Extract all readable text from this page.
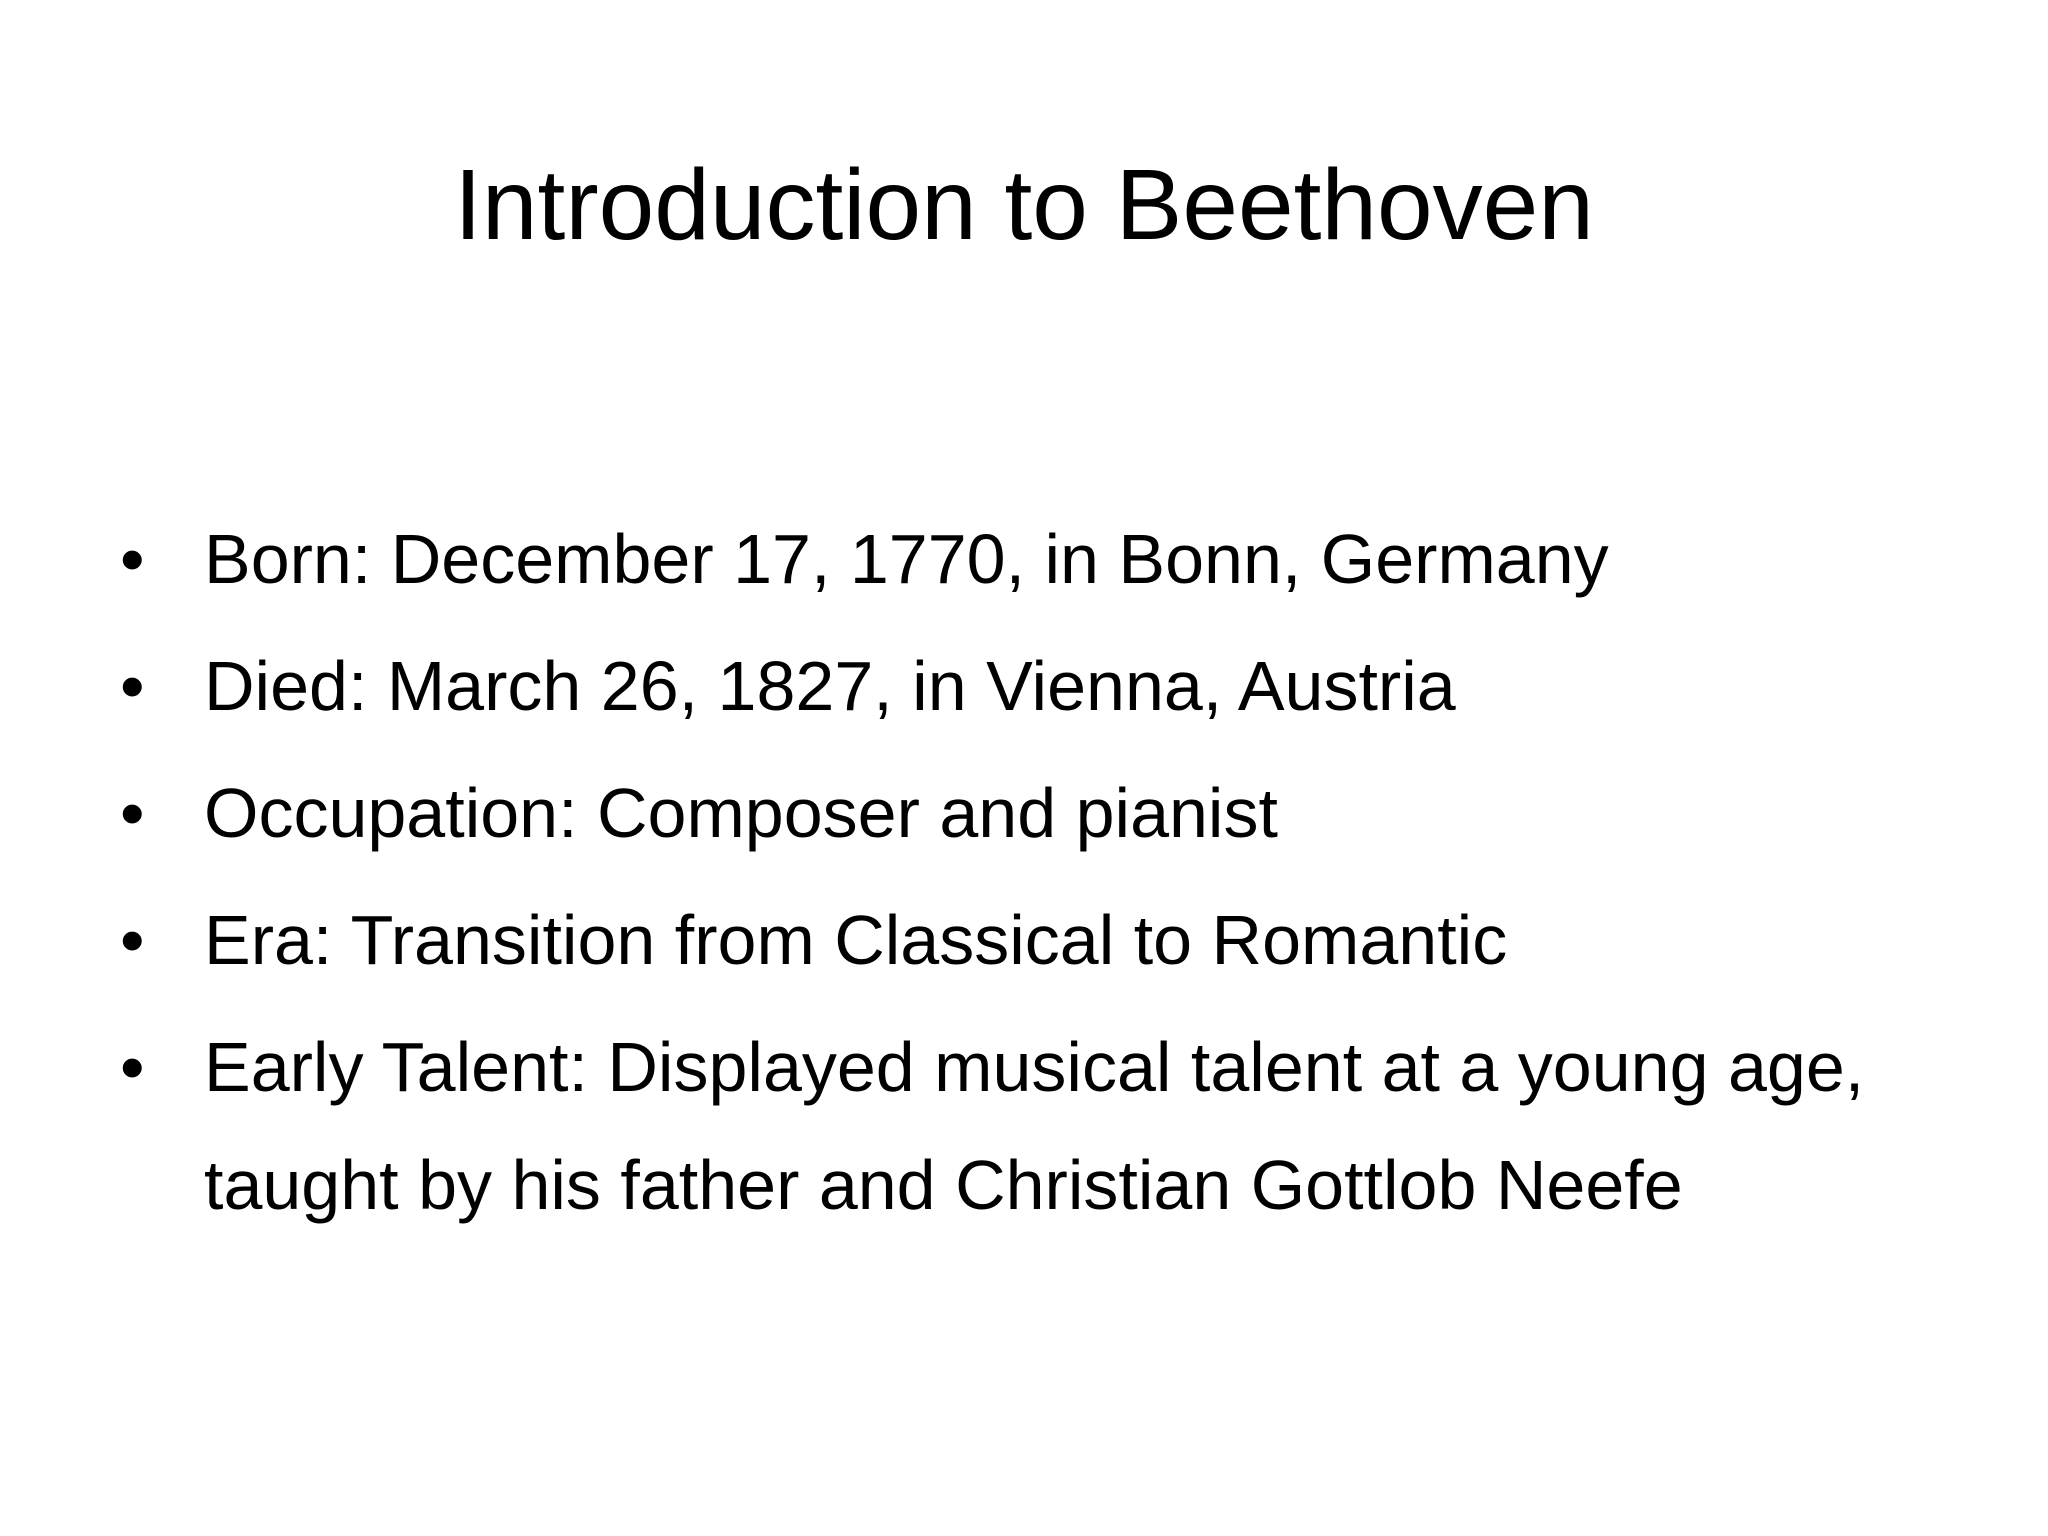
Introduction to Beethoven
• Born: December 17, 1770, in Bonn, Germany
• Died: March 26, 1827, in Vienna, Austria
• Occupation: Composer and pianist
• Era: Transition from Classical to Romantic
• Early Talent: Displayed musical talent at a young age, taught by his father and Christian Gottlob Neefe
